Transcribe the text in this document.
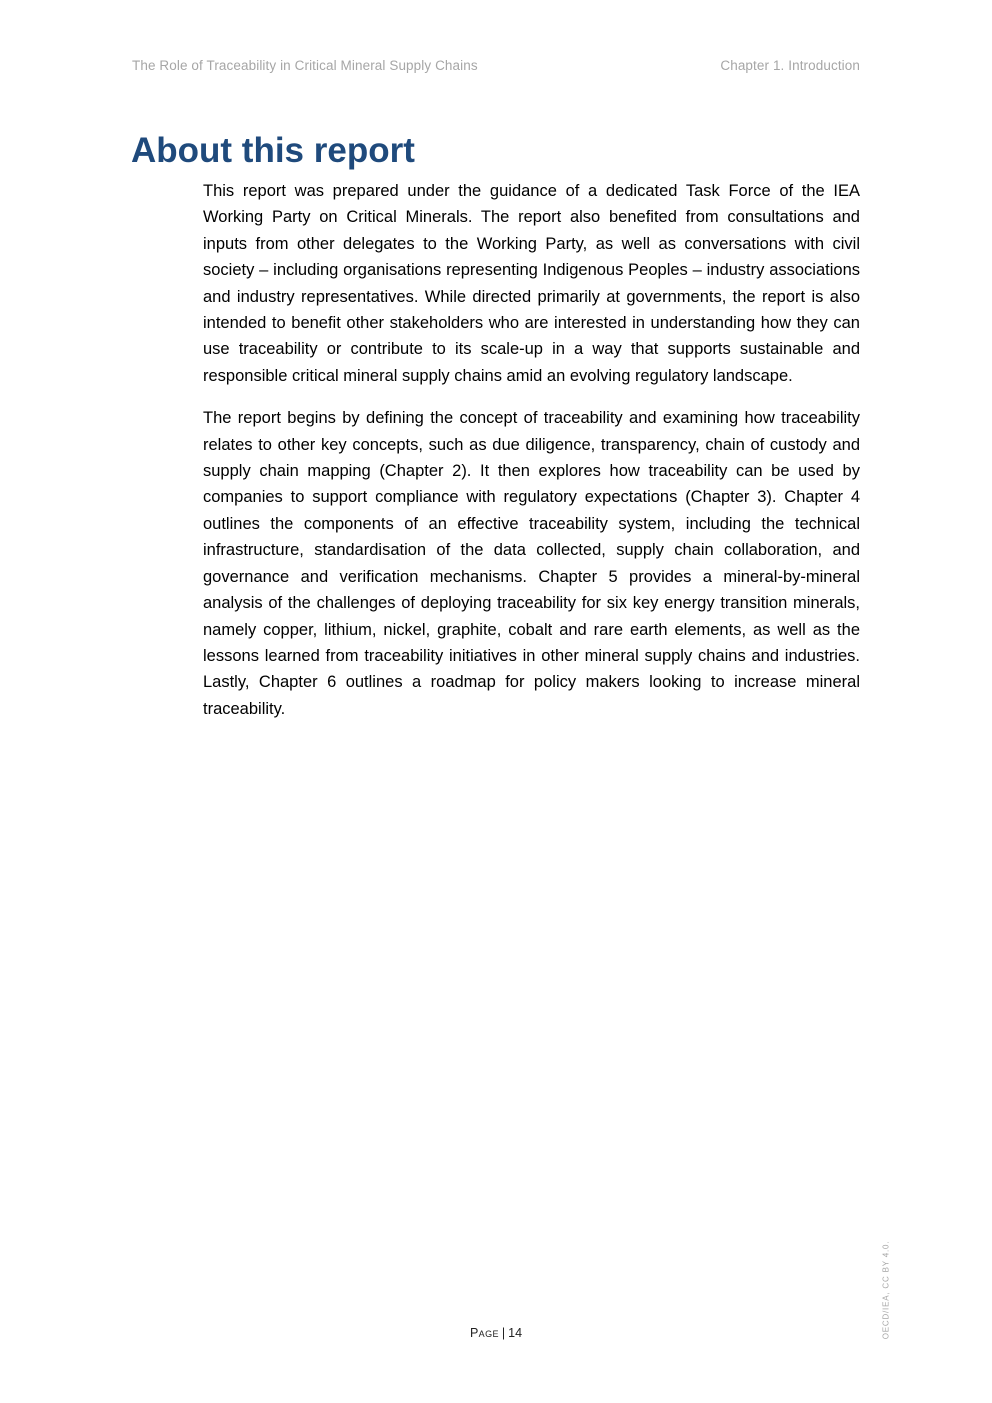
The Role of Traceability in Critical Mineral Supply Chains	Chapter 1. Introduction
About this report

This report was prepared under the guidance of a dedicated Task Force of the IEA Working Party on Critical Minerals. The report also benefited from consultations and inputs from other delegates to the Working Party, as well as conversations with civil society – including organisations representing Indigenous Peoples – industry associations and industry representatives. While directed primarily at governments, the report is also intended to benefit other stakeholders who are interested in understanding how they can use traceability or contribute to its scale-up in a way that supports sustainable and responsible critical mineral supply chains amid an evolving regulatory landscape.

The report begins by defining the concept of traceability and examining how traceability relates to other key concepts, such as due diligence, transparency, chain of custody and supply chain mapping (Chapter 2). It then explores how traceability can be used by companies to support compliance with regulatory expectations (Chapter 3). Chapter 4 outlines the components of an effective traceability system, including the technical infrastructure, standardisation of the data collected, supply chain collaboration, and governance and verification mechanisms. Chapter 5 provides a mineral-by-mineral analysis of the challenges of deploying traceability for six key energy transition minerals, namely copper, lithium, nickel, graphite, cobalt and rare earth elements, as well as the lessons learned from traceability initiatives in other mineral supply chains and industries. Lastly, Chapter 6 outlines a roadmap for policy makers looking to increase mineral traceability.

Page | 14	OECD/IEA, CC BY 4.0.
